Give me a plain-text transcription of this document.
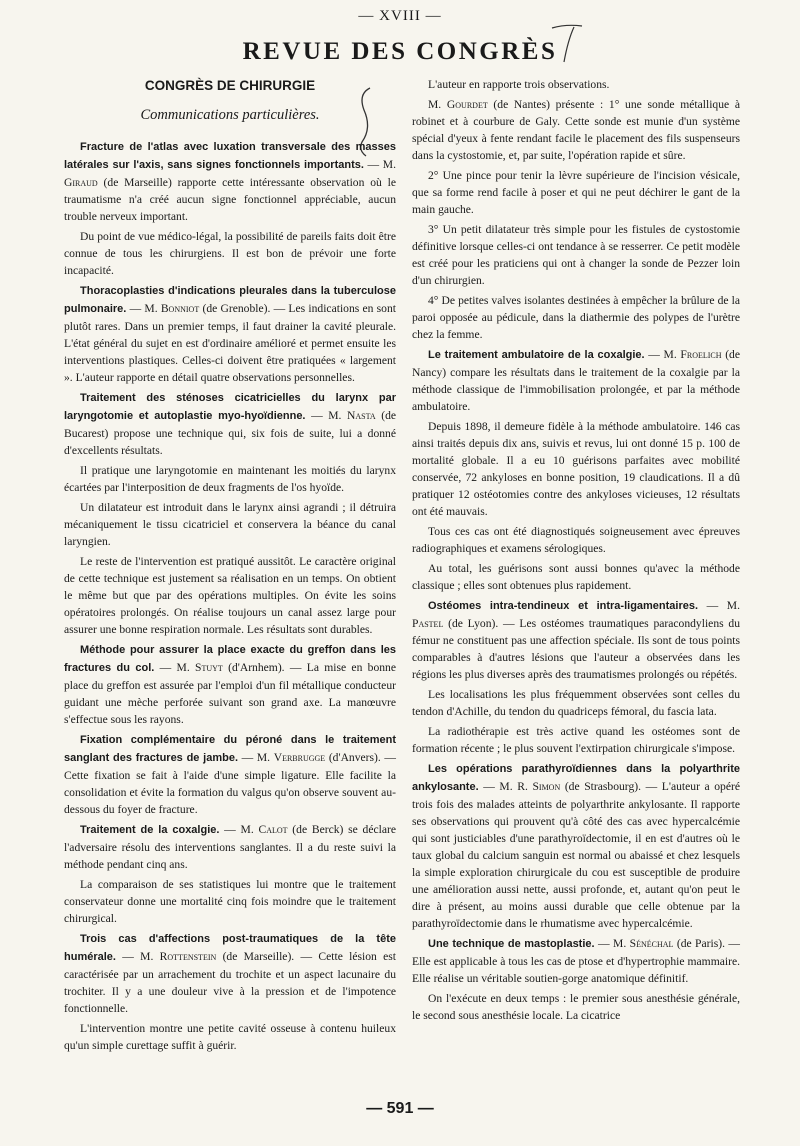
— XVIII —
REVUE DES CONGRÈS
CONGRÈS DE CHIRURGIE
Communications particulières.

Fracture de l'atlas avec luxation transversale des masses latérales sur l'axis, sans signes fonctionnels importants. — M. Giraud (de Marseille) rapporte cette intéressante observation où le traumatisme n'a créé aucun signe fonctionnel appréciable, aucun trouble nerveux important.

Du point de vue médico-légal, la possibilité de pareils faits doit être connue de tous les chirurgiens. Il est bon de prévoir une forte incapacité.

Thoracoplasties d'indications pleurales dans la tuberculose pulmonaire. — M. Bonniot (de Grenoble). — Les indications en sont plutôt rares. Dans un premier temps, il faut drainer la cavité pleurale. L'état général du sujet en est d'ordinaire amélioré et permet ensuite les interventions plastiques. Celles-ci doivent être pratiquées « largement ». L'auteur rapporte en détail quatre observations personnelles.

Traitement des sténoses cicatricielles du larynx par laryngotomie et autoplastie myo-hyoïdienne. — M. Nasta (de Bucarest) propose une technique qui, six fois de suite, lui a donné d'excellents résultats.

Il pratique une laryngotomie en maintenant les moitiés du larynx écartées par l'interposition de deux fragments de l'os hyoïde.

Un dilatateur est introduit dans le larynx ainsi agrandi ; il détruira mécaniquement le tissu cicatriciel et conservera la béance du canal laryngien.

Le reste de l'intervention est pratiqué aussitôt. Le caractère original de cette technique est justement sa réalisation en un temps. On obtient le même but que par des opérations multiples. On évite les soins opératoires prolongés. On réalise toujours un canal assez large pour assurer une bonne respiration normale. Les résultats sont durables.

Méthode pour assurer la place exacte du greffon dans les fractures du col. — M. Stuyt (d'Arnhem). — La mise en bonne place du greffon est assurée par l'emploi d'un fil métallique conducteur guidant une mèche perforée suivant son grand axe. La manœuvre s'effectue sous les rayons.

Fixation complémentaire du péroné dans le traitement sanglant des fractures de jambe. — M. Verbrugge (d'Anvers). — Cette fixation se fait à l'aide d'une simple ligature. Elle facilite la consolidation et évite la formation du valgus qu'on observe souvent au-dessous du foyer de fracture.

Traitement de la coxalgie. — M. Calot (de Berck) se déclare l'adversaire résolu des interventions sanglantes. Il a du reste suivi la méthode pendant cinq ans.

La comparaison de ses statistiques lui montre que le traitement conservateur donne une mortalité cinq fois moindre que le traitement chirurgical.

Trois cas d'affections post-traumatiques de la tête humérale. — M. Rottenstein (de Marseille). — Cette lésion est caractérisée par un arrachement du trochite et un aspect lacunaire du trochiter. Il y a une douleur vive à la pression et de l'impotence fonctionnelle.

L'intervention montre une petite cavité osseuse à contenu huileux qu'un simple curettage suffit à guérir.

L'auteur en rapporte trois observations.

M. Gourdet (de Nantes) présente : 1° une sonde métallique à robinet et à courbure de Galy. Cette sonde est munie d'un système spécial d'yeux à fente rendant facile le placement des fils suspenseurs dans la cystostomie, et, par suite, l'opération rapide et sûre.

2° Une pince pour tenir la lèvre supérieure de l'incision vésicale, que sa forme rend facile à poser et qui ne peut déchirer le gant de la main gauche.

3° Un petit dilatateur très simple pour les fistules de cystostomie définitive lorsque celles-ci ont tendance à se resserrer. Ce petit modèle est créé pour les praticiens qui ont à changer la sonde de Pezzer loin d'un chirurgien.

4° De petites valves isolantes destinées à empêcher la brûlure de la paroi opposée au pédicule, dans la diathermie des polypes de l'urètre chez la femme.

Le traitement ambulatoire de la coxalgie. — M. Froelich (de Nancy) compare les résultats dans le traitement de la coxalgie par la méthode classique de l'immobilisation prolongée, et par la méthode ambulatoire.

Depuis 1898, il demeure fidèle à la méthode ambulatoire. 146 cas ainsi traités depuis dix ans, suivis et revus, lui ont donné 15 p. 100 de mortalité globale. Il a eu 10 guérisons parfaites avec mobilité conservée, 72 ankyloses en bonne position, 19 claudications. Il a dû pratiquer 12 ostéotomies contre des ankyloses vicieuses, 12 résultats ont été mauvais.

Tous ces cas ont été diagnostiqués soigneusement avec épreuves radiographiques et examens sérologiques.

Au total, les guérisons sont aussi bonnes qu'avec la méthode classique ; elles sont obtenues plus rapidement.

Ostéomes intra-tendineux et intra-ligamentaires. — M. Pastel (de Lyon). — Les ostéomes traumatiques paracondyliens du fémur ne constituent pas une affection spéciale. Ils sont de tous points comparables à d'autres lésions que l'auteur a observées dans les régions les plus diverses après des traumatismes prolongés ou répétés.

Les localisations les plus fréquemment observées sont celles du tendon d'Achille, du tendon du quadriceps fémoral, du fascia lata.

La radiothérapie est très active quand les ostéomes sont de formation récente ; le plus souvent l'extirpation chirurgicale s'impose.

Les opérations parathyroïdiennes dans la polyarthrite ankylosante. — M. R. Simon (de Strasbourg). — L'auteur a opéré trois fois des malades atteints de polyarthrite ankylosante. Il rapporte ses observations qui prouvent qu'à côté des cas avec hypercalcémie qui sont justiciables d'une parathyroïdectomie, il en est d'autres où le taux global du calcium sanguin est normal ou abaissé et chez lesquels la simple exploration chirurgicale du cou est susceptible de produire une amélioration aussi nette, aussi profonde, et, autant qu'on peut le dire à présent, au moins aussi durable que celle obtenue par la parathyroïdectomie dans le rhumatisme avec hypercalcémie.

Une technique de mastoplastie. — M. Sénéchal (de Paris). — Elle est applicable à tous les cas de ptose et d'hypertrophie mammaire. Elle réalise un véritable soutien-gorge anatomique définitif.

On l'exécute en deux temps : le premier sous anesthésie générale, le second sous anesthésie locale. La cicatrice

— 591 —
